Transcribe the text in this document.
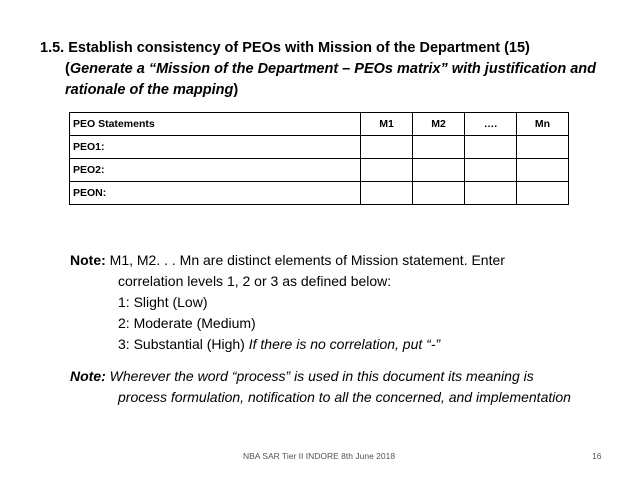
1.5. Establish consistency of PEOs with Mission of the Department (15)
(Generate a “Mission of the Department – PEOs matrix” with justification and rationale of the mapping)
PEO Statements	M1	M2	….	Mn
PEO1:				
PEO2:				
PEON:				
Note: M1, M2. . . Mn are distinct elements of Mission statement. Enter
correlation levels 1, 2 or 3 as defined below:
1: Slight (Low)
2: Moderate (Medium)
3: Substantial (High) If there is no correlation, put “-”
Note: Wherever the word “process” is used in this document its meaning is
process formulation, notification to all the concerned, and implementation
NBA SAR Tier II INDORE 8th June 2018	16
